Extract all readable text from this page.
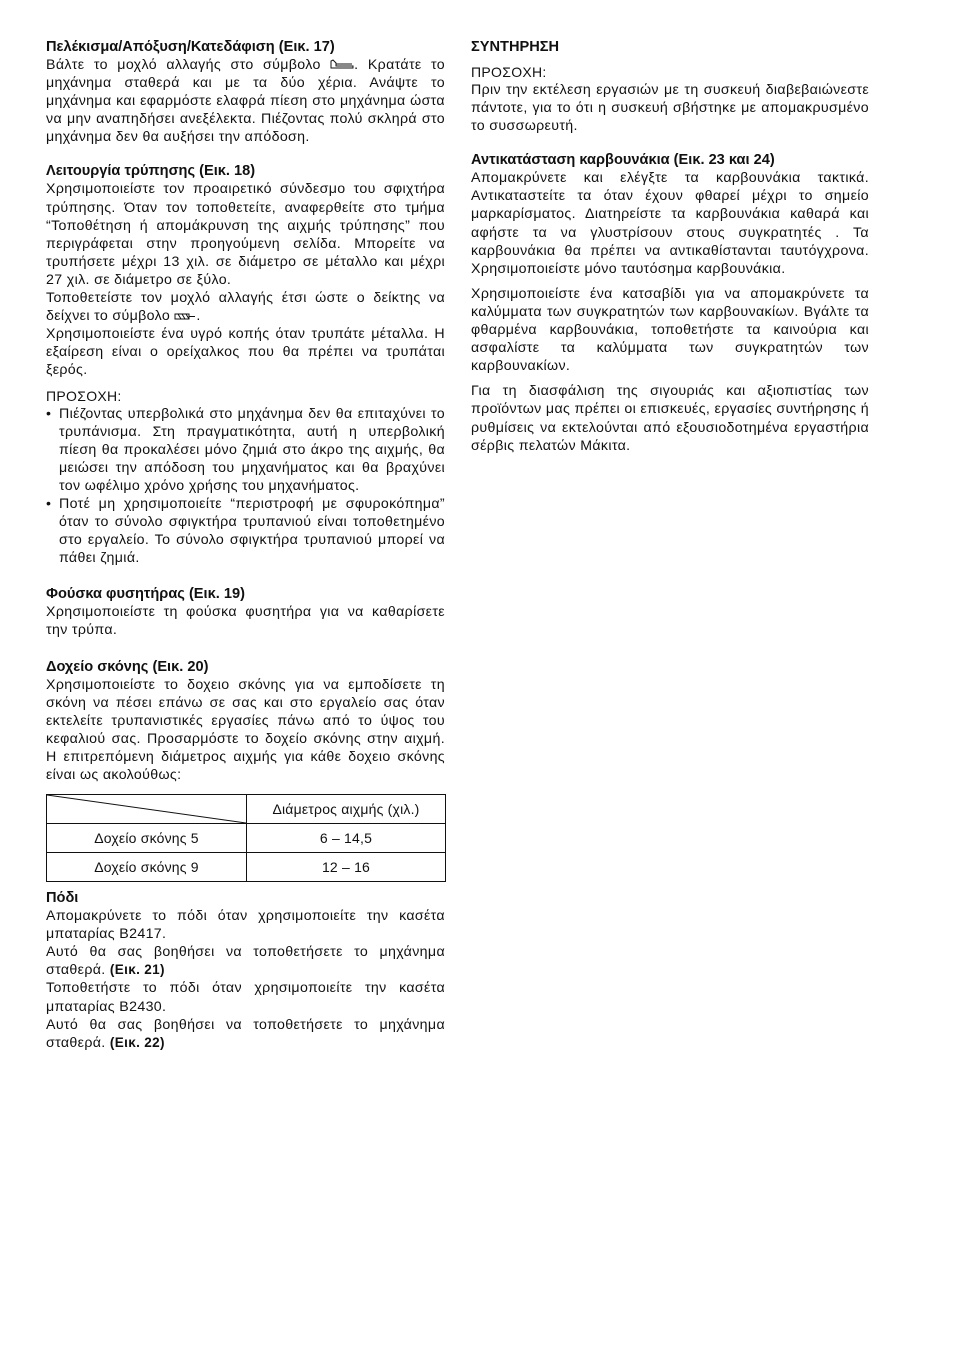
Πελέκισμα/Απόξυση/Κατεδάφιση (Εικ. 17)

Βάλτε το μοχλό αλλαγής στο σύμβολο . Κρατάτε το μηχάνημα σταθερά και με τα δύο χέρια. Ανάψτε το μηχάνημα και εφαρμόστε ελαφρά πίεση στο μηχάνημα ώστα να μην αναπηδήσει ανεξέλεκτα. Πιέζοντας πολύ σκληρά στο μηχάνημα δεν θα αυξήσει την απόδοση.

Λειτουργία τρύπησης (Εικ. 18)

Χρησιμοποιείστε τον προαιρετικό σύνδεσμο του σφιχτήρα τρύπησης. Όταν τον τοποθετείτε, αναφερθείτε στο τμήμα “Τοποθέτηση ή απομάκρυνση της αιχμής τρύπησης” που περιγράφεται στην προηγούμενη σελίδα. Μπορείτε να τρυπήσετε μέχρι 13 χιλ. σε διάμετρο σε μέταλλο και μέχρι 27 χιλ. σε διάμετρο σε ξύλο.

Τοποθετείστε τον μοχλό αλλαγής έτσι ώστε ο δείκτης να δείχνει το σύμβολο .

Χρησιμοποιείστε ένα υγρό κοπής όταν τρυπάτε μέταλλα. Η εξαίρεση είναι ο ορείχαλκος που θα πρέπει να τρυπάται ξερός.

ΠΡΟΣΟΧΗ:
• Πιέζοντας υπερβολικά στο μηχάνημα δεν θα επιταχύνει το τρυπάνισμα. Στη πραγματικότητα, αυτή η υπερβολική πίεση θα προκαλέσει μόνο ζημιά στο άκρο της αιχμής, θα μειώσει την απόδοση του μηχανήματος και θα βραχύνει τον ωφέλιμο χρόνο χρήσης του μηχανήματος.
• Ποτέ μη χρησιμοποιείτε “περιστροφή με σφυροκόπημα” όταν το σύνολο σφιγκτήρα τρυπανιού είναι τοποθετημένο στο εργαλείο. Το σύνολο σφιγκτήρα τρυπανιού μπορεί να πάθει ζημιά.
Φούσκα φυσητήρας (Εικ. 19)

Χρησιμοποιείστε τη φούσκα φυσητήρα για να καθαρίσετε την τρύπα.

Δοχείο σκόνης (Εικ. 20)

Χρησιμοποιείστε το δοχειο σκόνης για να εμποδίσετε τη σκόνη να πέσει επάνω σε σας και στο εργαλείο σας όταν εκτελείτε τρυπανιστικές εργασίες πάνω από το ύψος του κεφαλιού σας. Προσαρμόστε το δοχείο σκόνης στην αιχμή. Η επιτρεπόμενη διάμετρος αιχμής για κάθε δοχειο σκόνης είναι ως ακολούθως:

	Διάμετρος αιχμής (χιλ.)
Δοχείο σκόνης 5	6 – 14,5
Δοχείο σκόνης 9	12 – 16
Πόδι

Απομακρύνετε το πόδι όταν χρησιμοποιείτε την κασέτα μπαταρίας B2417.

Αυτό θα σας βοηθήσει να τοποθετήσετε το μηχάνημα σταθερά. (Εικ. 21)

Τοποθετήστε το πόδι όταν χρησιμοποιείτε την κασέτα μπαταρίας B2430.

Αυτό θα σας βοηθήσει να τοποθετήσετε το μηχάνημα σταθερά. (Εικ. 22)

ΣΥΝΤΗΡΗΣΗ
ΠΡΟΣΟΧΗ:

Πριν την εκτέλεση εργασιών με τη συσκευή διαβεβαιώνεστε πάντοτε, για το ότι η συσκευή σβήστηκε με απομακρυσμένο το συσσωρευτή.

Αντικατάσταση καρβουνάκια (Εικ. 23 και 24)

Απομακρύνετε και ελέγξτε τα καρβουνάκια τακτικά. Αντικαταστείτε τα όταν έχουν φθαρεί μέχρι το σημείο μαρκαρίσματος. Διατηρείστε τα καρβουνάκια καθαρά και αφήστε τα να γλυστρίσουν στους συγκρατητές . Τα καρβουνάκια θα πρέπει να αντικαθίστανται ταυτόγχρονα. Χρησιμοποιείστε μόνο ταυτόσημα καρβουνάκια.

Χρησιμοποιείστε ένα κατσαβίδι για να απομακρύνετε τα καλύμματα των συγκρατητών των καρβουνακίων. Βγάλτε τα φθαρμένα καρβουνάκια, τοποθετήστε τα καινούρια και ασφαλίστε τα καλύμματα των συγκρατητών των καρβουνακίων.

Για τη διασφάλιση της σιγουριάς και αξιοπιστίας των προϊόντων μας πρέπει οι επισκευές, εργασίες συντήρησης ή ρυθμίσεις να εκτελούνται από εξουσιοδοτημένα εργαστήρια σέρβις πελατών Μάκιτα.
